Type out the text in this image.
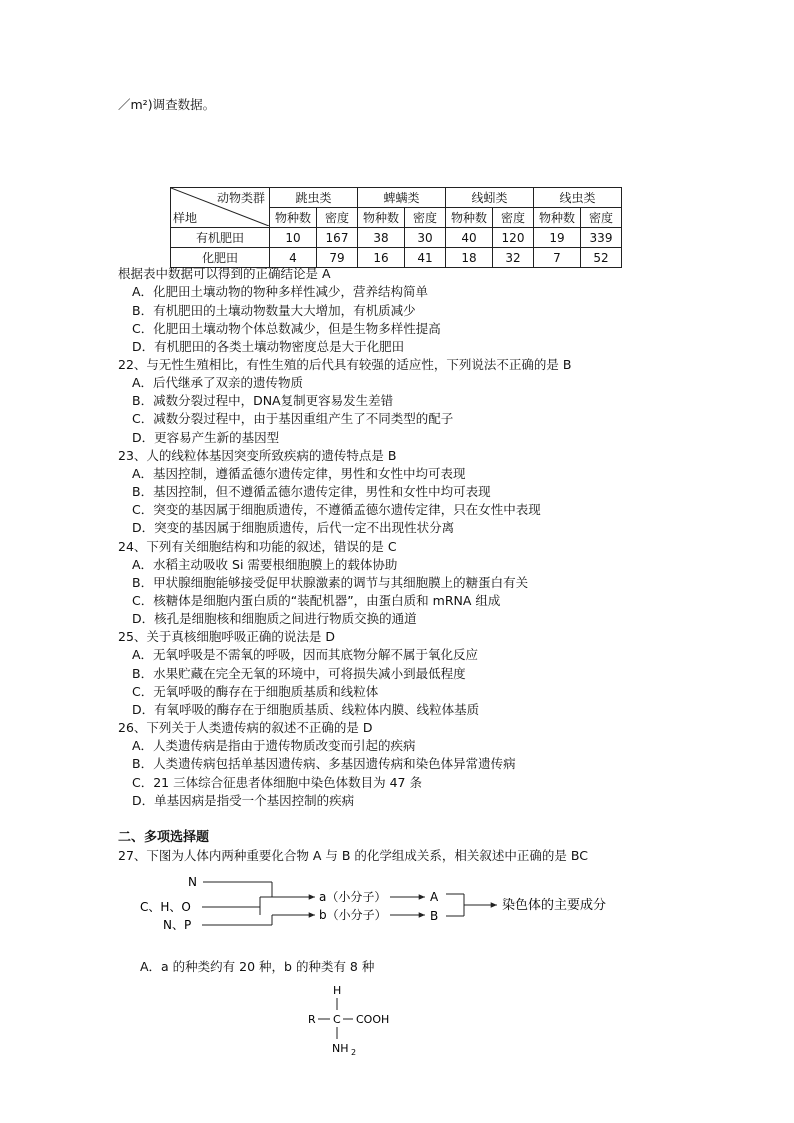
／m²)调查数据。
动物类群
样地	跳虫类		蜱螨类		线蚓类		线虫类	
	物种数	密度	物种数	密度	物种数	密度	物种数	密度
有机肥田	10	167	38	30	40	120	19	339
化肥田	4	79	16	41	18	32	7	52
根据表中数据可以得到的正确结论是 A
A．化肥田土壤动物的物种多样性减少，营养结构简单
B．有机肥田的土壤动物数量大大增加，有机质减少
C．化肥田土壤动物个体总数减少，但是生物多样性提高
D．有机肥田的各类土壤动物密度总是大于化肥田
22、与无性生殖相比，有性生殖的后代具有较强的适应性，下列说法不正确的是 B
A．后代继承了双亲的遗传物质
B．减数分裂过程中，DNA复制更容易发生差错
C．减数分裂过程中，由于基因重组产生了不同类型的配子
D．更容易产生新的基因型
23、人的线粒体基因突变所致疾病的遗传特点是 B
A．基因控制，遵循孟德尔遗传定律，男性和女性中均可表现
B．基因控制，但不遵循孟德尔遗传定律，男性和女性中均可表现
C．突变的基因属于细胞质遗传，不遵循孟德尔遗传定律，只在女性中表现
D．突变的基因属于细胞质遗传，后代一定不出现性状分离
24、下列有关细胞结构和功能的叙述，错误的是 C
A．水稻主动吸收 Si 需要根细胞膜上的载体协助
B．甲状腺细胞能够接受促甲状腺激素的调节与其细胞膜上的糖蛋白有关
C．核糖体是细胞内蛋白质的“装配机器”，由蛋白质和 mRNA 组成
D．核孔是细胞核和细胞质之间进行物质交换的通道
25、关于真核细胞呼吸正确的说法是 D
A．无氧呼吸是不需氧的呼吸，因而其底物分解不属于氧化反应
B．水果贮藏在完全无氧的环境中，可将损失减小到最低程度
C．无氧呼吸的酶存在于细胞质基质和线粒体
D．有氧呼吸的酶存在于细胞质基质、线粒体内膜、线粒体基质
26、下列关于人类遗传病的叙述不正确的是 D
A．人类遗传病是指由于遗传物质改变而引起的疾病
B．人类遗传病包括单基因遗传病、多基因遗传病和染色体异常遗传病
C．21 三体综合征患者体细胞中染色体数目为 47 条
D．单基因病是指受一个基因控制的疾病
二、多项选择题
27、下图为人体内两种重要化合物 A 与 B 的化学组成关系，相关叙述中正确的是 BC
N
C、H、O
N、P
a（小分子）
b（小分子）
A
B
染色体的主要成分
A．a 的种类约有 20 种，b 的种类有 8 种
H
R C COOH
NH 2
